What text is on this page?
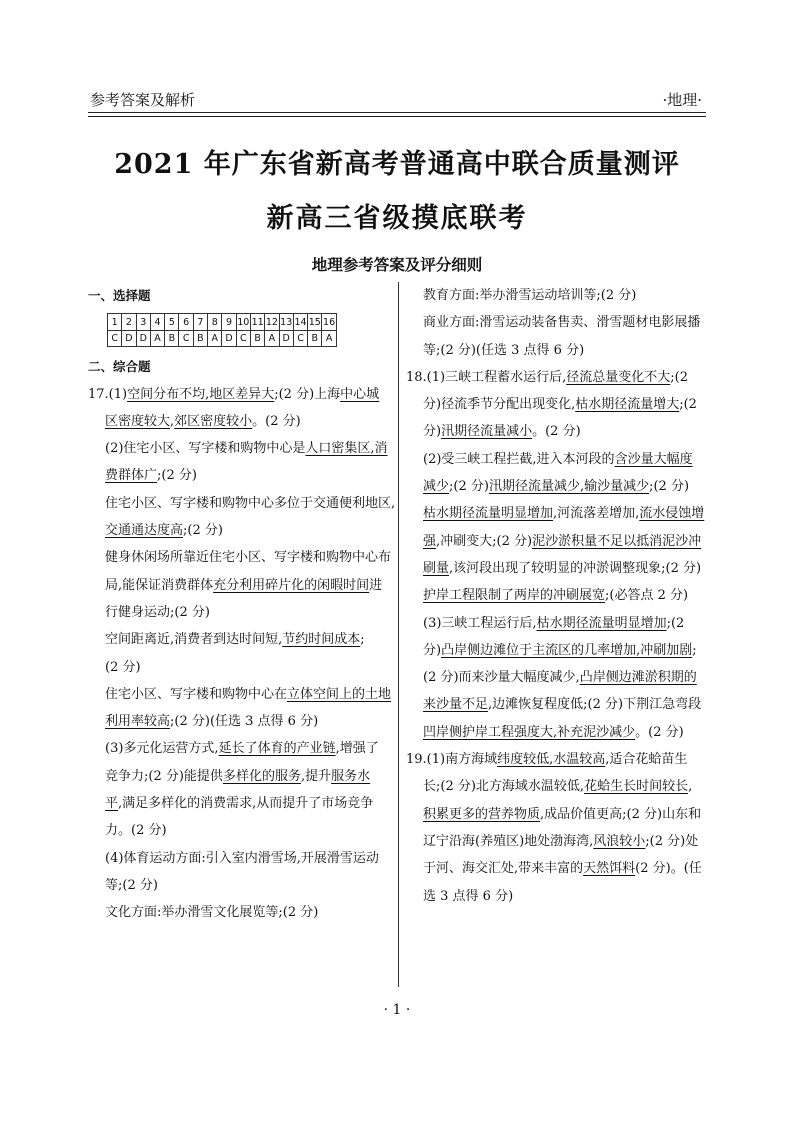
参考答案及解析	·地理·
2021 年广东省新高考普通高中联合质量测评
新高三省级摸底联考
地理参考答案及评分细则
一、选择题
1	2	3	4	5	6	7	8	9	10	11	12	13	14	15	16
C	D	D	A	B	C	B	A	D	C	B	A	D	C	B	A
二、综合题
17.(1)空间分布不均,地区差异大;(2 分)上海中心城
区密度较大,郊区密度较小。(2 分)
(2)住宅小区、写字楼和购物中心是人口密集区,消
费群体广;(2 分)
住宅小区、写字楼和购物中心多位于交通便利地区,
交通通达度高;(2 分)
健身休闲场所靠近住宅小区、写字楼和购物中心布
局,能保证消费群体充分利用碎片化的闲暇时间进
行健身运动;(2 分)
空间距离近,消费者到达时间短,节约时间成本;
(2 分)
住宅小区、写字楼和购物中心在立体空间上的土地
利用率较高;(2 分)(任选 3 点得 6 分)
(3)多元化运营方式,延长了体育的产业链,增强了
竞争力;(2 分)能提供多样化的服务,提升服务水
平,满足多样化的消费需求,从而提升了市场竞争
力。(2 分)
(4)体育运动方面:引入室内滑雪场,开展滑雪运动
等;(2 分)
文化方面:举办滑雪文化展览等;(2 分)
教育方面:举办滑雪运动培训等;(2 分)
商业方面:滑雪运动装备售卖、滑雪题材电影展播
等;(2 分)(任选 3 点得 6 分)
18.(1)三峡工程蓄水运行后,径流总量变化不大;(2
分)径流季节分配出现变化,枯水期径流量增大;(2
分)汛期径流量减小。(2 分)
(2)受三峡工程拦截,进入本河段的含沙量大幅度
减少;(2 分)汛期径流量减少,输沙量减少;(2 分)
枯水期径流量明显增加,河流落差增加,流水侵蚀增
强,冲刷变大;(2 分)泥沙淤积量不足以抵消泥沙冲
刷量,该河段出现了较明显的冲淤调整现象;(2 分)
护岸工程限制了两岸的冲刷展宽;(必答点 2 分)
(3)三峡工程运行后,枯水期径流量明显增加;(2
分)凸岸侧边滩位于主流区的几率增加,冲刷加剧;
(2 分)而来沙量大幅度减少,凸岸侧边滩淤积期的
来沙量不足,边滩恢复程度低;(2 分)下荆江急弯段
凹岸侧护岸工程强度大,补充泥沙减少。(2 分)
19.(1)南方海域纬度较低,水温较高,适合花蛤苗生
长;(2 分)北方海域水温较低,花蛤生长时间较长,
积累更多的营养物质,成品价值更高;(2 分)山东和
辽宁沿海(养殖区)地处渤海湾,风浪较小;(2 分)处
于河、海交汇处,带来丰富的天然饵料(2 分)。(任
选 3 点得 6 分)
· 1 ·
